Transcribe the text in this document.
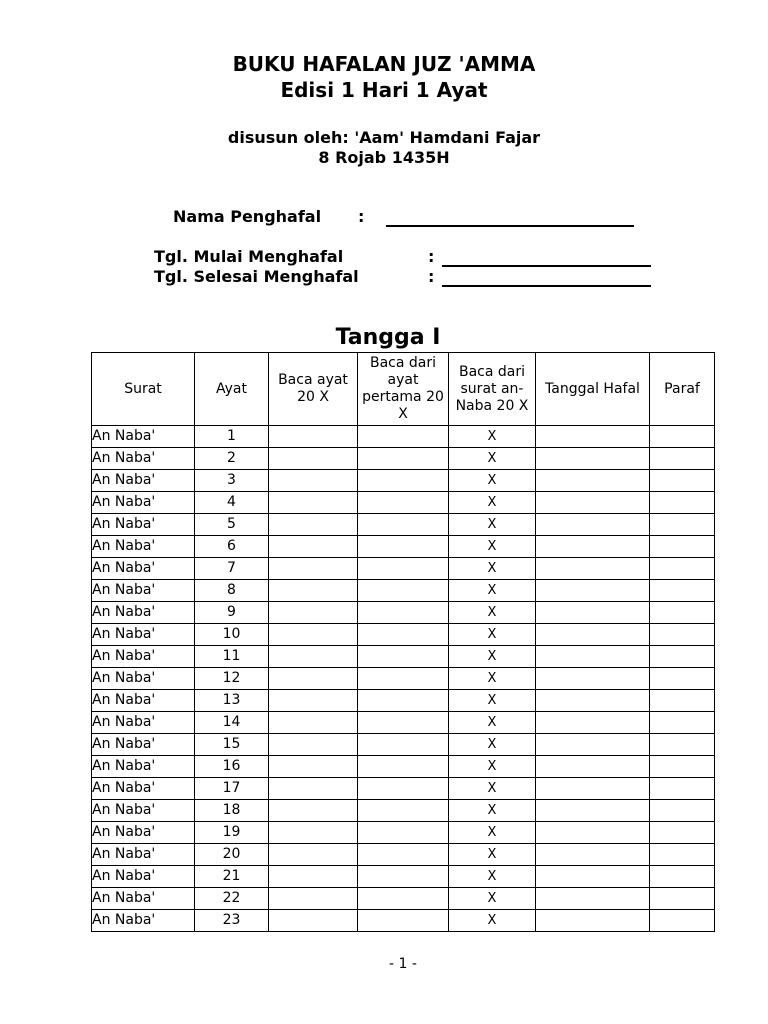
BUKU HAFALAN JUZ 'AMMA
Edisi 1 Hari 1 Ayat
disusun oleh: 'Aam' Hamdani Fajar
8 Rojab 1435H
Nama Penghafal :
Tgl. Mulai Menghafal	:
Tgl. Selesai Menghafal	:
Tangga I
Surat	Ayat	Baca ayat 20 X	Baca dari ayat pertama 20 X	Baca dari surat an-Naba 20 X	Tanggal Hafal	Paraf
An Naba'	1			X		
An Naba'	2			X		
An Naba'	3			X		
An Naba'	4			X		
An Naba'	5			X		
An Naba'	6			X		
An Naba'	7			X		
An Naba'	8			X		
An Naba'	9			X		
An Naba'	10			X		
An Naba'	11			X		
An Naba'	12			X		
An Naba'	13			X		
An Naba'	14			X		
An Naba'	15			X		
An Naba'	16			X		
An Naba'	17			X		
An Naba'	18			X		
An Naba'	19			X		
An Naba'	20			X		
An Naba'	21			X		
An Naba'	22			X		
An Naba'	23			X		
- 1 -
